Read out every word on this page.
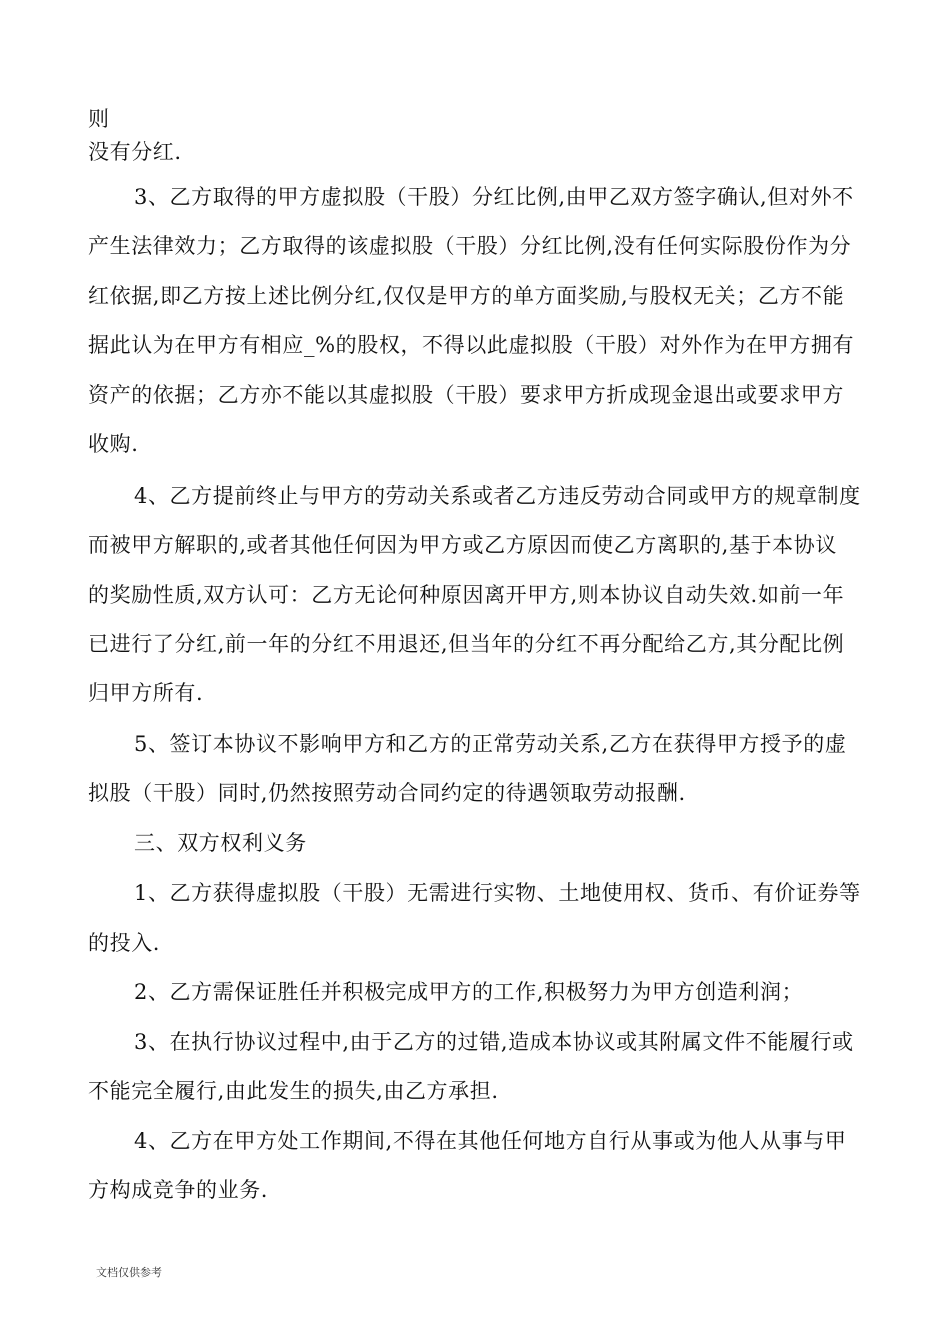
则
没有分红.
3、乙方取得的甲方虚拟股（干股）分红比例,由甲乙双方签字确认,但对外不
产生法律效力；乙方取得的该虚拟股（干股）分红比例,没有任何实际股份作为分
红依据,即乙方按上述比例分红,仅仅是甲方的单方面奖励,与股权无关；乙方不能
据此认为在甲方有相应_%的股权，不得以此虚拟股（干股）对外作为在甲方拥有
资产的依据；乙方亦不能以其虚拟股（干股）要求甲方折成现金退出或要求甲方
收购.
4、乙方提前终止与甲方的劳动关系或者乙方违反劳动合同或甲方的规章制度
而被甲方解职的,或者其他任何因为甲方或乙方原因而使乙方离职的,基于本协议
的奖励性质,双方认可：乙方无论何种原因离开甲方,则本协议自动失效.如前一年
已进行了分红,前一年的分红不用退还,但当年的分红不再分配给乙方,其分配比例
归甲方所有.
5、签订本协议不影响甲方和乙方的正常劳动关系,乙方在获得甲方授予的虚
拟股（干股）同时,仍然按照劳动合同约定的待遇领取劳动报酬.
三、双方权利义务
1、乙方获得虚拟股（干股）无需进行实物、土地使用权、货币、有价证券等
的投入.
2、乙方需保证胜任并积极完成甲方的工作,积极努力为甲方创造利润；
3、在执行协议过程中,由于乙方的过错,造成本协议或其附属文件不能履行或
不能完全履行,由此发生的损失,由乙方承担.
4、乙方在甲方处工作期间,不得在其他任何地方自行从事或为他人从事与甲
方构成竞争的业务.
文档仅供参考
